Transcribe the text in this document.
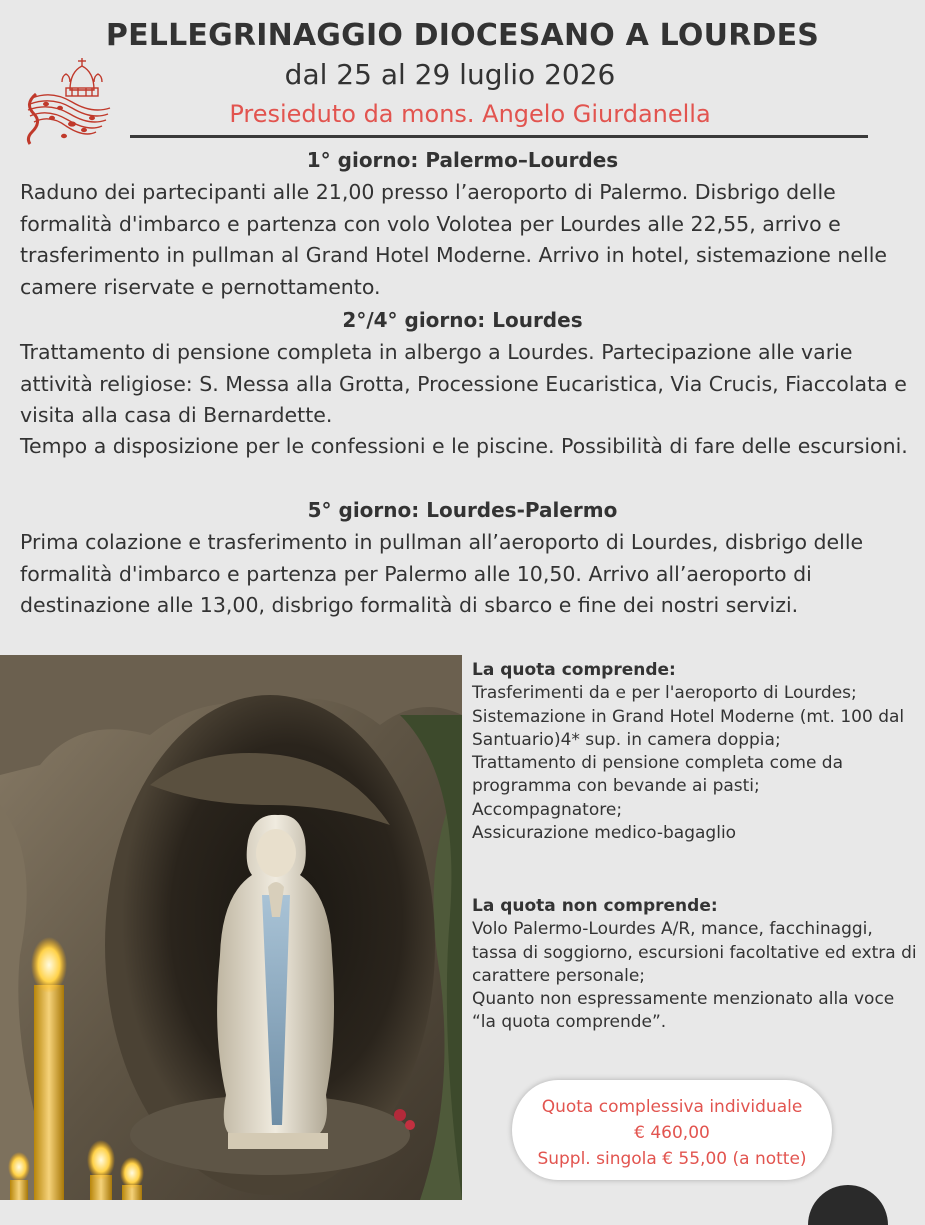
PELLEGRINAGGIO DIOCESANO A LOURDES
dal 25 al 29 luglio 2026
Presieduto da mons. Angelo Giurdanella
1° giorno: Palermo–Lourdes
Raduno dei partecipanti alle 21,00 presso l’aeroporto di Palermo. Disbrigo delle formalità d'imbarco e partenza con volo Volotea per Lourdes alle 22,55, arrivo e trasferimento in pullman al Grand Hotel Moderne. Arrivo in hotel, sistemazione nelle camere riservate e pernottamento.
2°/4° giorno: Lourdes
Trattamento di pensione completa in albergo a Lourdes. Partecipazione alle varie attività religiose: S. Messa alla Grotta, Processione Eucaristica, Via Crucis, Fiaccolata e visita alla casa di Bernardette.
Tempo a disposizione per le confessioni e le piscine. Possibilità di fare delle escursioni.
5° giorno: Lourdes-Palermo
Prima colazione e trasferimento in pullman all’aeroporto di Lourdes, disbrigo delle formalità d'imbarco e partenza per Palermo alle 10,50. Arrivo all’aeroporto di destinazione alle 13,00, disbrigo formalità di sbarco e fine dei nostri servizi.
La quota comprende:
Trasferimenti da e per l'aeroporto di Lourdes;
Sistemazione in Grand Hotel Moderne (mt. 100 dal Santuario)4* sup. in camera doppia;
Trattamento di pensione completa come da programma con bevande ai pasti;
Accompagnatore;
Assicurazione medico-bagaglio
La quota non comprende:
Volo Palermo-Lourdes A/R, mance, facchinaggi, tassa di soggiorno, escursioni facoltative ed extra di carattere personale;
Quanto non espressamente menzionato alla voce “la quota comprende”.
Quota complessiva individuale
€ 460,00
Suppl. singola € 55,00 (a notte)
